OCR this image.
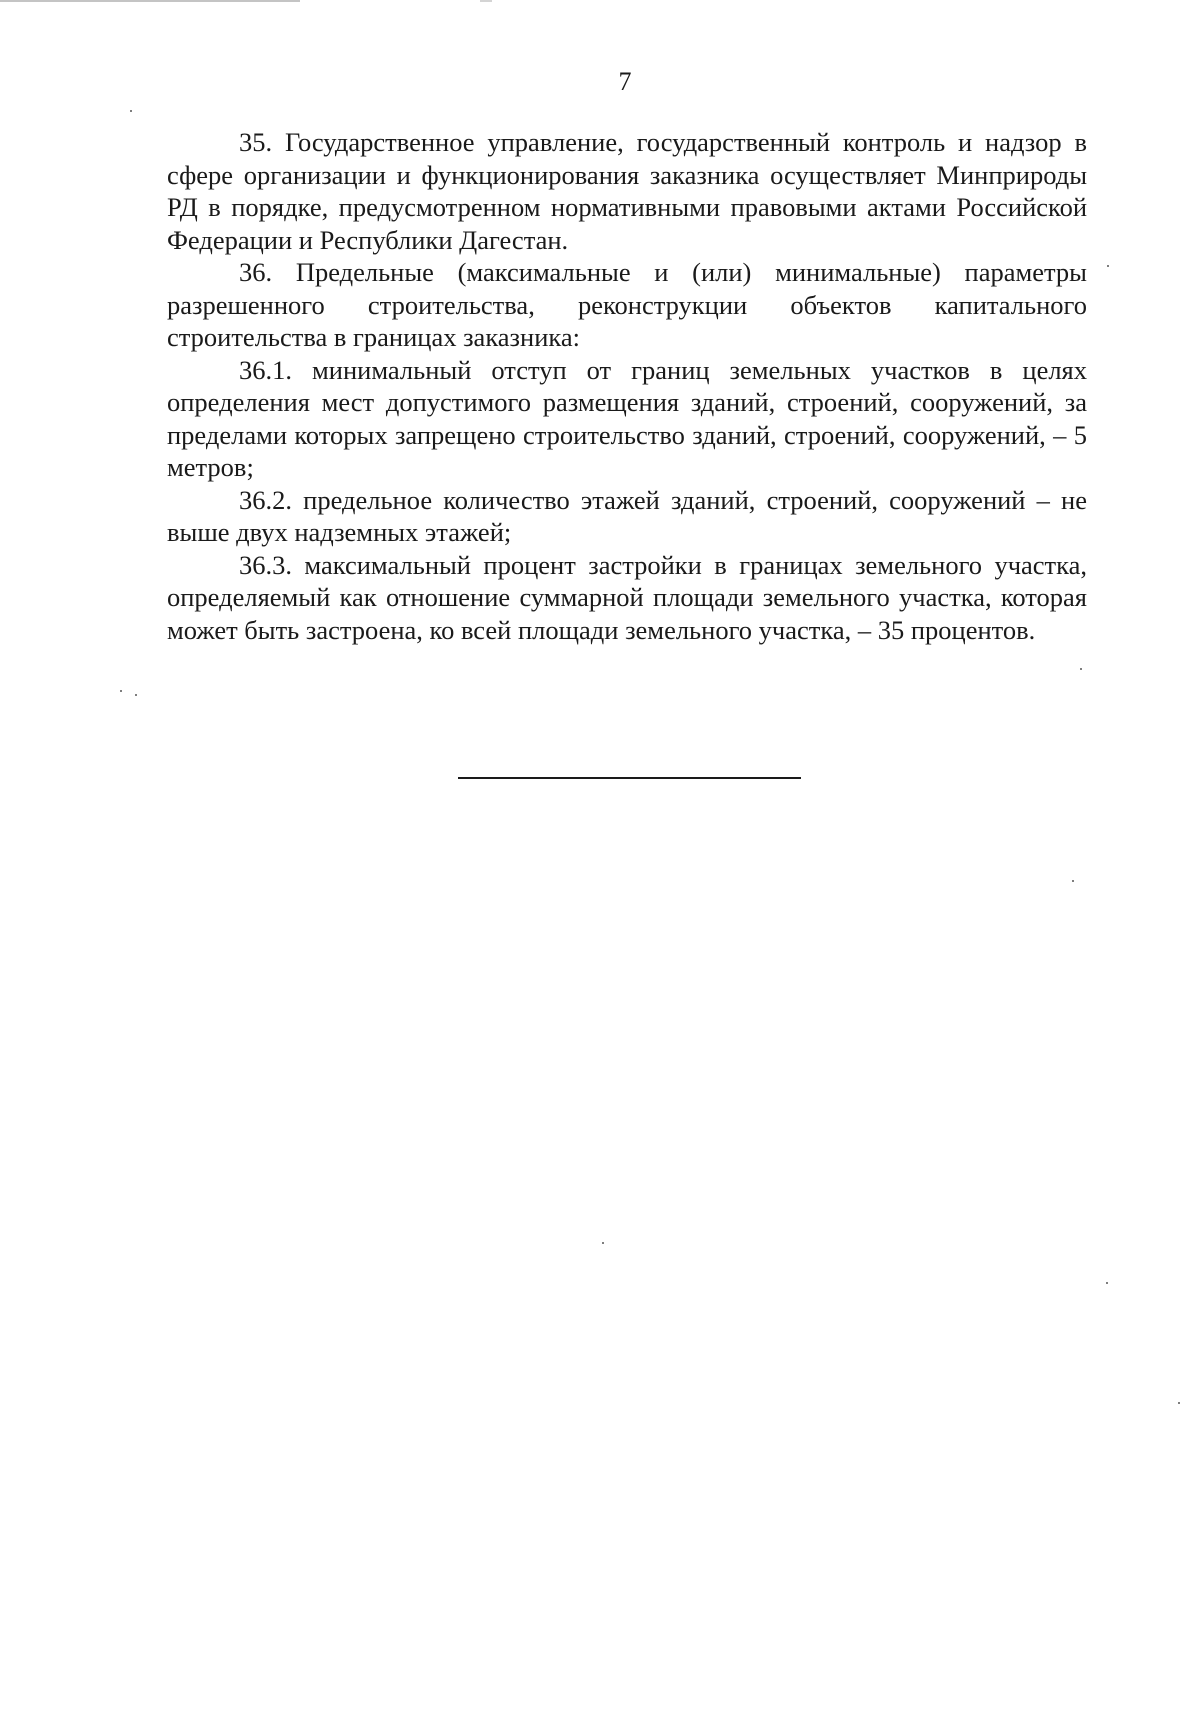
7

35. Государственное управление, государственный контроль и надзор в сфере организации и функционирования заказника осуществляет Минприроды РД в порядке, предусмотренном нормативными правовыми актами Российской Федерации и Республики Дагестан.

36. Предельные (максимальные и (или) минимальные) параметры разрешенного строительства, реконструкции объектов капитального строительства в границах заказника:

36.1. минимальный отступ от границ земельных участков в целях определения мест допустимого размещения зданий, строений, сооружений, за пределами которых запрещено строительство зданий, строений, сооружений, – 5 метров;

36.2. предельное количество этажей зданий, строений, сооружений – не выше двух надземных этажей;

36.3. максимальный процент застройки в границах земельного участка, определяемый как отношение суммарной площади земельного участка, которая может быть застроена, ко всей площади земельного участка, – 35 процентов.
